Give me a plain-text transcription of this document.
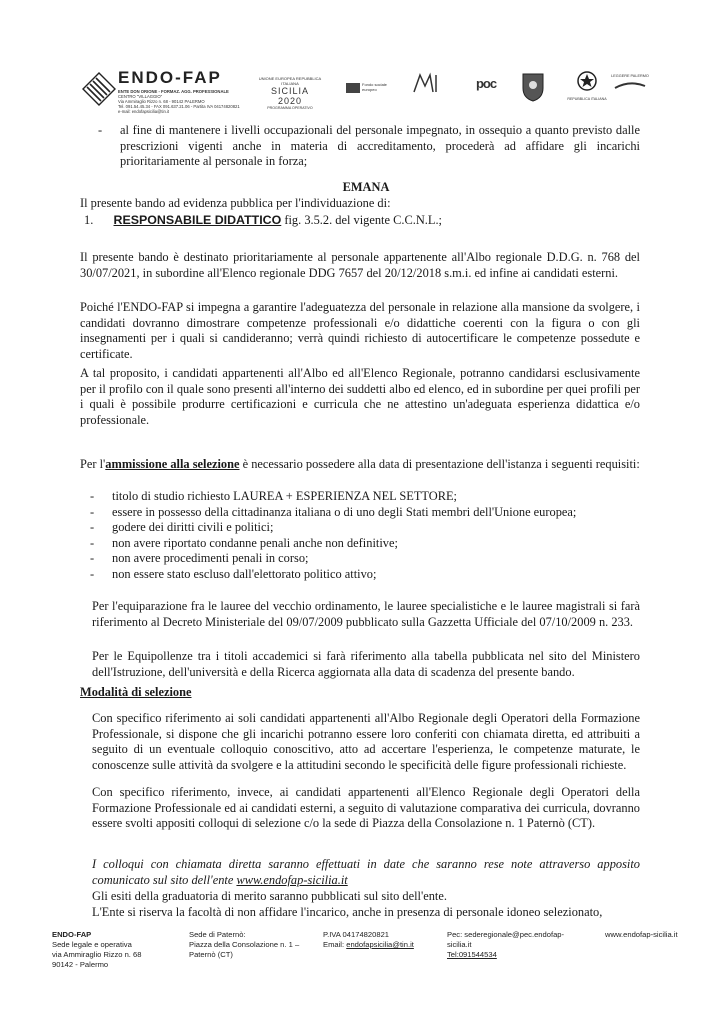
ENDO-FAP
ENTE DON ORIONE - FORMAZ. AGG. PROFESSIONALE
CENTRO "VILLAGGIO"
Via Ammiraglio Rizzo n. 68 - 90142 PALERMO
Tel. 091.54.45.34 - FAX 091.637.21.06 - Partita IVA 04174820821
e-mail: endofapsicilia@tin.it
UNIONE EUROPEA REPUBBLICA ITALIANA
SICILIA 2020
PROGRAMMA OPERATIVO
Fondo sociale europeo	poc
REPUBBLICA ITALIANA
LEGGERE PALERMO
- al fine di mantenere i livelli occupazionali del personale impegnato, in ossequio a quanto previsto dalle prescrizioni vigenti anche in materia di accreditamento, procederà ad affidare gli incarichi prioritariamente al personale in forza;
EMANA
Il presente bando ad evidenza pubblica per l'individuazione di:
1. RESPONSABILE DIDATTICO fig. 3.5.2. del vigente C.C.N.L.;
Il presente bando è destinato prioritariamente al personale appartenente all'Albo regionale D.D.G. n. 768 del 30/07/2021, in subordine all'Elenco regionale DDG 7657 del 20/12/2018 s.m.i. ed infine ai candidati esterni.
Poiché l'ENDO-FAP si impegna a garantire l'adeguatezza del personale in relazione alla mansione da svolgere, i candidati dovranno dimostrare competenze professionali e/o didattiche coerenti con la figura o con gli insegnamenti per i quali si candideranno; verrà quindi richiesto di autocertificare le competenze possedute e certificate.
A tal proposito, i candidati appartenenti all'Albo ed all'Elenco Regionale, potranno candidarsi esclusivamente per il profilo con il quale sono presenti all'interno dei suddetti albo ed elenco, ed in subordine per quei profili per i quali è possibile produrre certificazioni e curricula che ne attestino un'adeguata esperienza didattica e/o professionale.
Per l'ammissione alla selezione è necessario possedere alla data di presentazione dell'istanza i seguenti requisiti:
- titolo di studio richiesto LAUREA + ESPERIENZA NEL SETTORE;
- essere in possesso della cittadinanza italiana o di uno degli Stati membri dell'Unione europea;
- godere dei diritti civili e politici;
- non avere riportato condanne penali anche non definitive;
- non avere procedimenti penali in corso;
- non essere stato escluso dall'elettorato politico attivo;
Per l'equiparazione fra le lauree del vecchio ordinamento, le lauree specialistiche e le lauree magistrali si farà riferimento al Decreto Ministeriale del 09/07/2009 pubblicato sulla Gazzetta Ufficiale del 07/10/2009 n. 233.
Per le Equipollenze tra i titoli accademici si farà riferimento alla tabella pubblicata nel sito del Ministero dell'Istruzione, dell'università e della Ricerca aggiornata alla data di scadenza del presente bando.
Modalità di selezione
Con specifico riferimento ai soli candidati appartenenti all'Albo Regionale degli Operatori della Formazione Professionale, si dispone che gli incarichi potranno essere loro conferiti con chiamata diretta, ed attribuiti a seguito di un eventuale colloquio conoscitivo, atto ad accertare l'esperienza, le competenze maturate, le conoscenze sulle attività da svolgere e la attitudini secondo le specificità delle figure professionali richieste.
Con specifico riferimento, invece, ai candidati appartenenti all'Elenco Regionale degli Operatori della Formazione Professionale ed ai candidati esterni, a seguito di valutazione comparativa dei curricula, dovranno essere svolti appositi colloqui di selezione c/o la sede di Piazza della Consolazione n. 1 Paternò (CT).
I colloqui con chiamata diretta saranno effettuati in date che saranno rese note attraverso apposito comunicato sul sito dell'ente www.endofap-sicilia.it
Gli esiti della graduatoria di merito saranno pubblicati sul sito dell'ente.
L'Ente si riserva la facoltà di non affidare l'incarico, anche in presenza di personale idoneo selezionato,
ENDO-FAP
Sede legale e operativa
via Ammiraglio Rizzo n. 68
90142 - Palermo
Sede di Paternò:
Piazza della Consolazione n. 1 –
Paternò (CT)
P.IVA 04174820821
Email: endofapsicilia@tin.it
Pec: sederegionale@pec.endofap-
sicilia.it
Tel:091544534
www.endofap-sicilia.it
